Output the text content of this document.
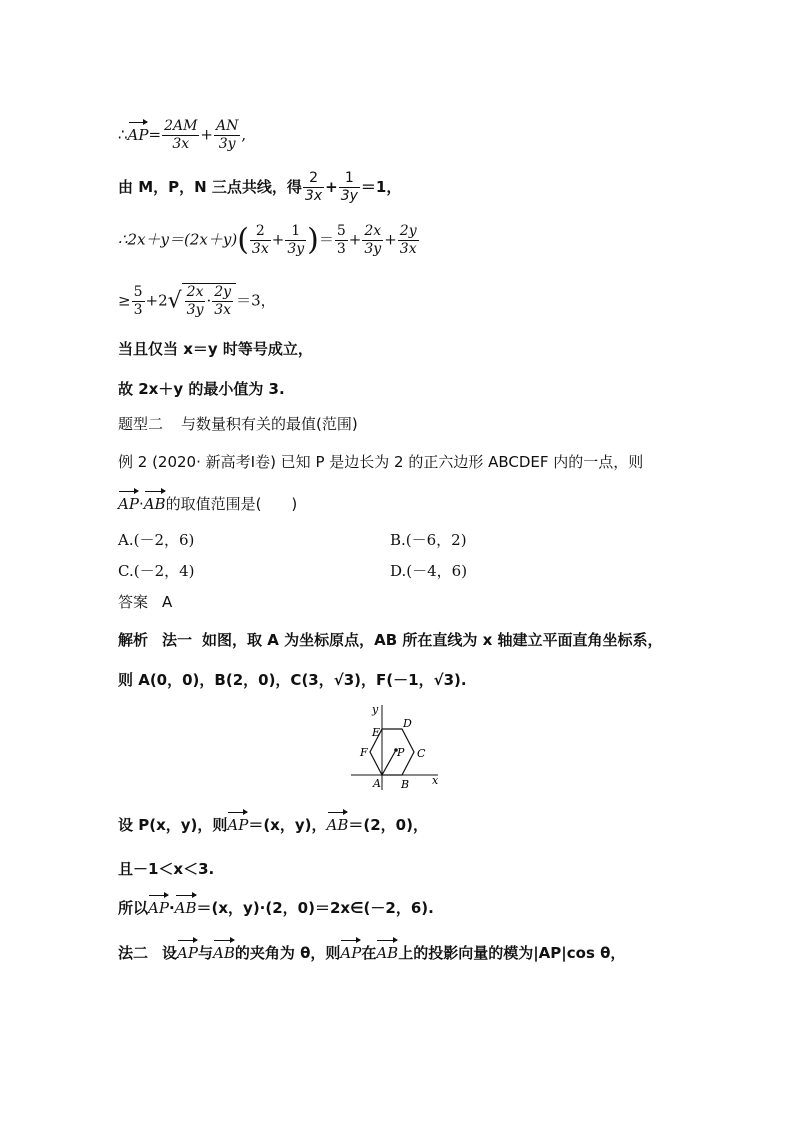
∴AP= $\frac{2AM}{3x} + \frac{AN}{3y}$ ,
由 M，P，N 三点共线，得 $\frac{2}{3x} + \frac{1}{3y} =1$，
∴2x＋y＝(2x＋y)( $\frac{2}{3x} + \frac{1}{3y}$ )＝ $\frac{5}{3} + \frac{2x}{3y} + \frac{2y}{3x}$
≥ $\frac{5}{3} +2√ \frac{2x}{3y} \cdot \frac{2y}{3x} =3$，
当且仅当 x＝y 时等号成立，
故 2x＋y 的最小值为 3.
题型二 与数量积有关的最值(范围)
例 2 (2020· 新高考Ⅰ卷) 已知 P 是边长为 2 的正六边形 ABCDEF 内的一点，则
AP·AB的取值范围是(　　)
A.(－2，6)	B.(－6，2)
C.(－2，4)	D.(－4，6)
答案 A
解析 法一 如图，取 A 为坐标原点，AB 所在直线为 x 轴建立平面直角坐标系，
则 A(0，0)，B(2，0)，C(3，√3)，F(－1，√3).
y
x
A B
C
D
E
F	P
设 P(x，y)，则AP＝(x，y)，AB＝(2，0)，
且－1＜x＜3.
所以AP·AB＝(x，y)·(2，0)＝2x∈(－2，6).
法二 设AP与AB的夹角为 θ，则AP在AB上的投影向量的模为|AP|cos θ，
